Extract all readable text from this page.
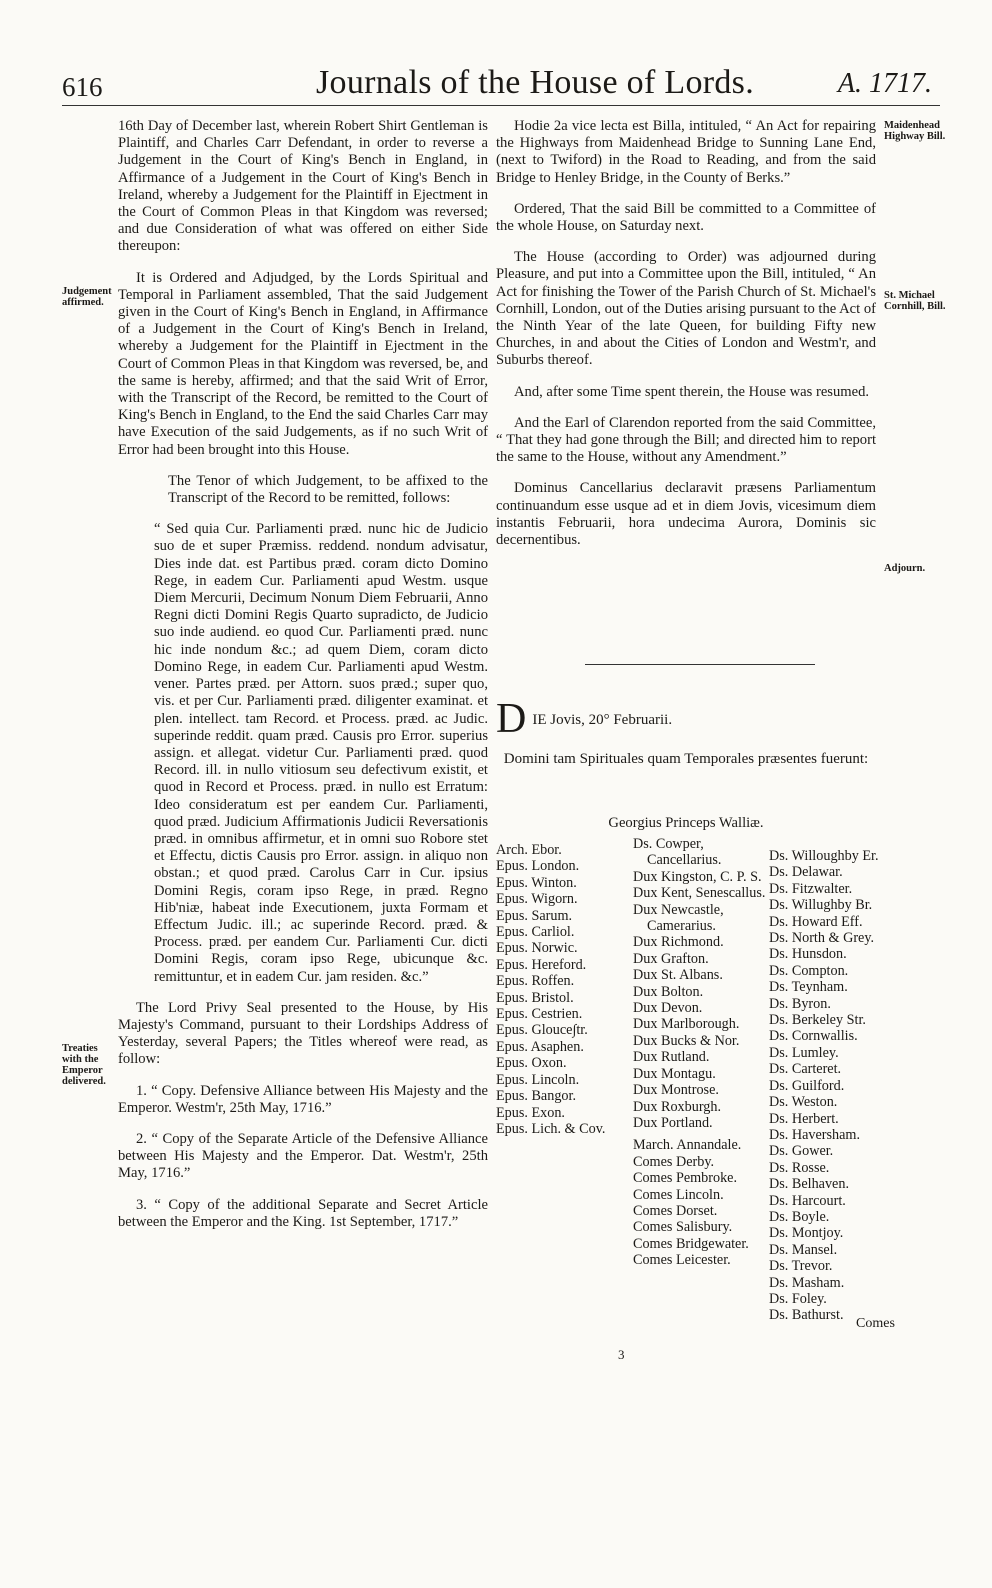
616	Journals of the House of Lords.	A. 1717.
Judgement affirmed.
Treaties with the Emperor delivered.
Maidenhead Highway Bill.
St. Michael Cornhill, Bill.
Adjourn.

16th Day of December last, wherein Robert Shirt Gentleman is Plaintiff, and Charles Carr Defendant, in order to reverse a Judgement in the Court of King's Bench in England, in Affirmance of a Judgement in the Court of King's Bench in Ireland, whereby a Judgement for the Plaintiff in Ejectment in the Court of Common Pleas in that Kingdom was reversed; and due Consideration of what was offered on either Side thereupon:

It is Ordered and Adjudged, by the Lords Spiritual and Temporal in Parliament assembled, That the said Judgement given in the Court of King's Bench in England, in Affirmance of a Judgement in the Court of King's Bench in Ireland, whereby a Judgement for the Plaintiff in Ejectment in the Court of Common Pleas in that Kingdom was reversed, be, and the same is hereby, affirmed; and that the said Writ of Error, with the Transcript of the Record, be remitted to the Court of King's Bench in England, to the End the said Charles Carr may have Execution of the said Judgements, as if no such Writ of Error had been brought into this House.

The Tenor of which Judgement, to be affixed to the Transcript of the Record to be remitted, follows:

“ Sed quia Cur. Parliamenti præd. nunc hic de Judicio suo de et super Præmiss. reddend. nondum advisatur, Dies inde dat. est Partibus præd. coram dicto Domino Rege, in eadem Cur. Parliamenti apud Westm. usque Diem Mercurii, Decimum Nonum Diem Februarii, Anno Regni dicti Domini Regis Quarto supradicto, de Judicio suo inde audiend. eo quod Cur. Parliamenti præd. nunc hic inde nondum &c.; ad quem Diem, coram dicto Domino Rege, in eadem Cur. Parliamenti apud Westm. vener. Partes præd. per Attorn. suos præd.; super quo, vis. et per Cur. Parliamenti præd. diligenter examinat. et plen. intellect. tam Record. et Process. præd. ac Judic. superinde reddit. quam præd. Causis pro Error. superius assign. et allegat. videtur Cur. Parliamenti præd. quod Record. ill. in nullo vitiosum seu defectivum existit, et quod in Record et Process. præd. in nullo est Erratum: Ideo consideratum est per eandem Cur. Parliamenti, quod præd. Judicium Affirmationis Judicii Reversationis præd. in omnibus affirmetur, et in omni suo Robore stet et Effectu, dictis Causis pro Error. assign. in aliquo non obstan.; et quod præd. Carolus Carr in Cur. ipsius Domini Regis, coram ipso Rege, in præd. Regno Hib'niæ, habeat inde Executionem, juxta Formam et Effectum Judic. ill.; ac superinde Record. præd. & Process. præd. per eandem Cur. Parliamenti Cur. dicti Domini Regis, coram ipso Rege, ubicunque &c. remittuntur, et in eadem Cur. jam residen. &c.”

The Lord Privy Seal presented to the House, by His Majesty's Command, pursuant to their Lordships Address of Yesterday, several Papers; the Titles whereof were read, as follow:

1. “ Copy. Defensive Alliance between His Majesty and the Emperor. Westm'r, 25th May, 1716.”

2. “ Copy of the Separate Article of the Defensive Alliance between His Majesty and the Emperor. Dat. Westm'r, 25th May, 1716.”

3. “ Copy of the additional Separate and Secret Article between the Emperor and the King. 1st September, 1717.”

Hodie 2a vice lecta est Billa, intituled, “ An Act for repairing the Highways from Maidenhead Bridge to Sunning Lane End, (next to Twiford) in the Road to Reading, and from the said Bridge to Henley Bridge, in the County of Berks.”

Ordered, That the said Bill be committed to a Committee of the whole House, on Saturday next.

The House (according to Order) was adjourned during Pleasure, and put into a Committee upon the Bill, intituled, “ An Act for finishing the Tower of the Parish Church of St. Michael's Cornhill, London, out of the Duties arising pursuant to the Act of the Ninth Year of the late Queen, for building Fifty new Churches, in and about the Cities of London and Westm'r, and Suburbs thereof.

And, after some Time spent therein, the House was resumed.

And the Earl of Clarendon reported from the said Committee, “ That they had gone through the Bill; and directed him to report the same to the House, without any Amendment.”

Dominus Cancellarius declaravit præsens Parliamentum continuandum esse usque ad et in diem Jovis, vicesimum diem instantis Februarii, hora undecima Aurora, Dominis sic decernentibus.

D IE Jovis, 20° Februarii.
Domini tam Spirituales quam Temporales præsentes fuerunt:
Georgius Princeps Walliæ.
Arch. Ebor.
Epus. London.
Epus. Winton.
Epus. Wigorn.
Epus. Sarum.
Epus. Carliol.
Epus. Norwic.
Epus. Hereford.
Epus. Roffen.
Epus. Bristol.
Epus. Cestrien.
Epus. Glouce∫tr.
Epus. Asaphen.
Epus. Oxon.
Epus. Lincoln.
Epus. Bangor.
Epus. Exon.
Epus. Lich. & Cov.
Ds. Cowper, Cancellarius.
Dux Kingston, C. P. S.
Dux Kent, Senescallus.
Dux Newcastle, Camerarius.
Dux Richmond.
Dux Grafton.
Dux St. Albans.
Dux Bolton.
Dux Devon.
Dux Marlborough.
Dux Bucks & Nor.
Dux Rutland.
Dux Montagu.
Dux Montrose.
Dux Roxburgh.
Dux Portland.
March. Annandale.
Comes Derby.
Comes Pembroke.
Comes Lincoln.
Comes Dorset.
Comes Salisbury.
Comes Bridgewater.
Comes Leicester.
Ds. Willoughby Er.
Ds. Delawar.
Ds. Fitzwalter.
Ds. Willughby Br.
Ds. Howard Eff.
Ds. North & Grey.
Ds. Hunsdon.
Ds. Compton.
Ds. Teynham.
Ds. Byron.
Ds. Berkeley Str.
Ds. Cornwallis.
Ds. Lumley.
Ds. Carteret.
Ds. Guilford.
Ds. Weston.
Ds. Herbert.
Ds. Haversham.
Ds. Gower.
Ds. Rosse.
Ds. Belhaven.
Ds. Harcourt.
Ds. Boyle.
Ds. Montjoy.
Ds. Mansel.
Ds. Trevor.
Ds. Masham.
Ds. Foley.
Ds. Bathurst.
Comes
3
